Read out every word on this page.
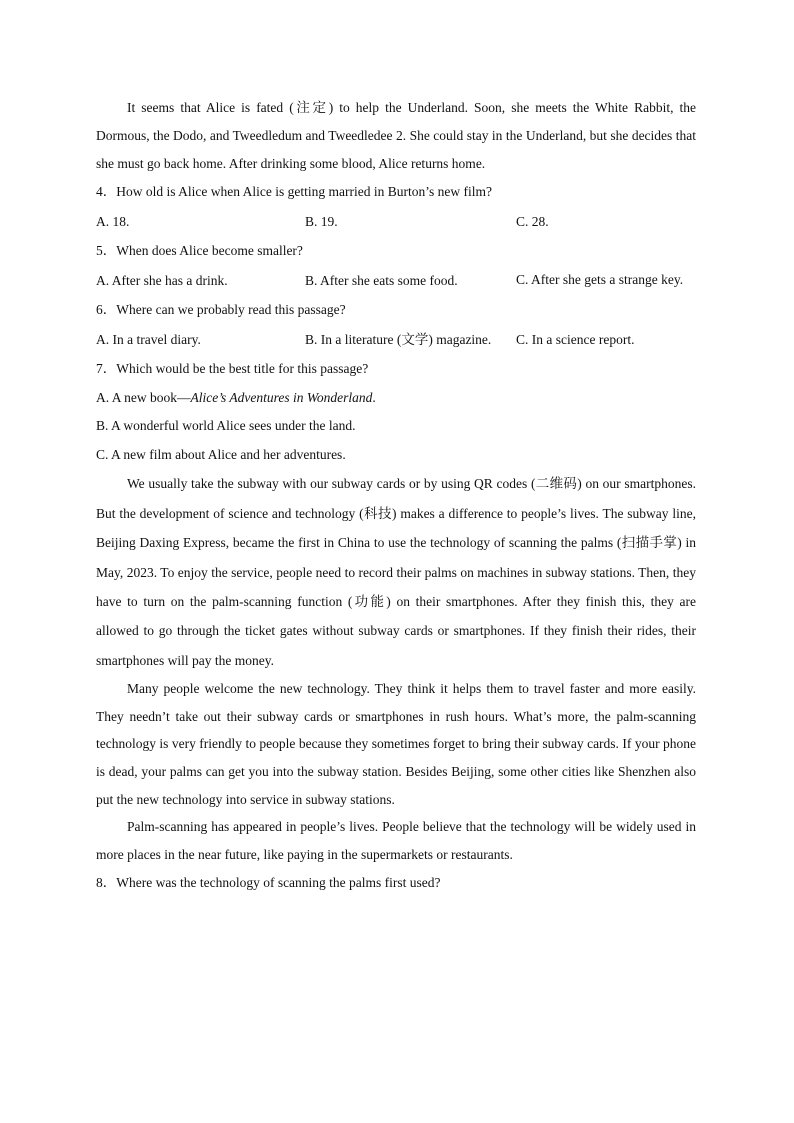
It seems that Alice is fated (注定) to help the Underland. Soon, she meets the White Rabbit, the Dormous, the Dodo, and Tweedledum and Tweedledee 2. She could stay in the Underland, but she decides that she must go back home. After drinking some blood, Alice returns home.

4．How old is Alice when Alice is getting married in Burton’s new film?

A. 18.	B. 19.	C. 28.

5．When does Alice become smaller?

A. After she has a drink.	B. After she eats some food.	C. After she gets a strange key.

6．Where can we probably read this passage?

A. In a travel diary.	B. In a literature (文学) magazine.	C. In a science report.

7．Which would be the best title for this passage?

A. A new book—Alice’s Adventures in Wonderland.

B. A wonderful world Alice sees under the land.

C. A new film about Alice and her adventures.

We usually take the subway with our subway cards or by using QR codes (二维码) on our smartphones. But the development of science and technology (科技) makes a difference to people’s lives. The subway line, Beijing Daxing Express, became the first in China to use the technology of scanning the palms (扫描手掌) in May, 2023. To enjoy the service, people need to record their palms on machines in subway stations. Then, they have to turn on the palm-scanning function (功能) on their smartphones. After they finish this, they are allowed to go through the ticket gates without subway cards or smartphones. If they finish their rides, their smartphones will pay the money.

Many people welcome the new technology. They think it helps them to travel faster and more easily. They needn’t take out their subway cards or smartphones in rush hours. What’s more, the palm-scanning technology is very friendly to people because they sometimes forget to bring their subway cards. If your phone is dead, your palms can get you into the subway station. Besides Beijing, some other cities like Shenzhen also put the new technology into service in subway stations.

Palm-scanning has appeared in people’s lives. People believe that the technology will be widely used in more places in the near future, like paying in the supermarkets or restaurants.

8．Where was the technology of scanning the palms first used?
